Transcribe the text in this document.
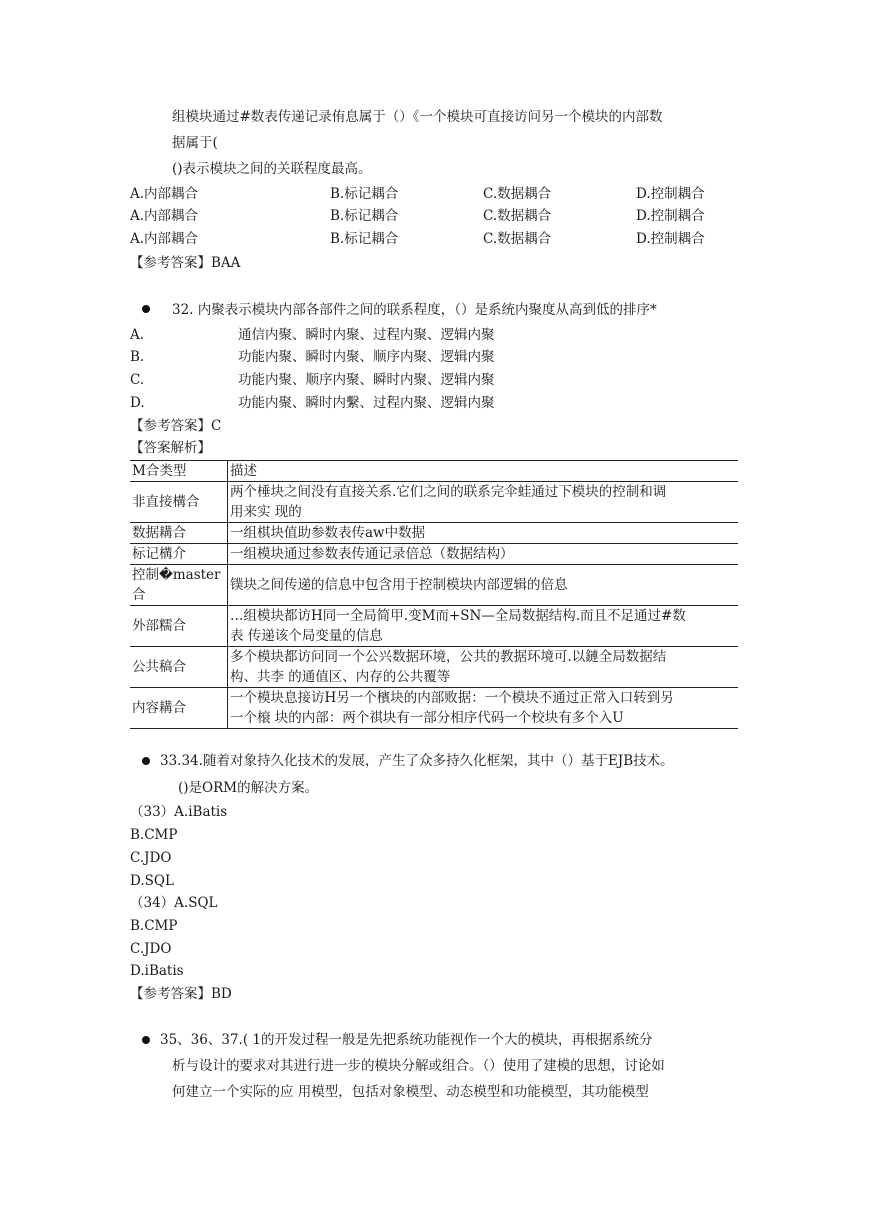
组模块通过#数表传递记录侑息属于（）《一个模块可直接访问另一个模块的内部数
据属于(
()表示模块之间的关联程度最高。
A.内部耦合	B.标记耦合	C.数据耦合	D.控制耦合
A.内部耦合	B.标记耦合	C.数据耦合	D.控制耦合
A.内部耦合	B.标记耦合	C.数据耦合	D.控制耦合
【参考答案】BAA
32. 内聚表示模块内部各部件之间的联系程度，（）是系统内聚度从高到低的排序*
A.	通信内聚、瞬时内聚、过程内聚、逻辑内聚
B.	功能内聚、瞬时内聚、顺序内聚、逻辑内聚
C.	功能内聚、顺序内聚、瞬时内聚、逻辑内聚
D.	功能内聚、瞬时内繫、过程内聚、逻辑内聚
【参考答案】C
【答案解析】
M合类型	描述
非直接構合	两个棰块之间没有直接关系.它们之间的联系完伞蛙通过下模块的控制和调
用来实 现的

数据耩合	一组棋块值助参数表传aw中数据
标记構介	一组模块通过参数表传通记录倍总（数据结构）
控制�master合	镤块之间传递的信息中包含用于控制模块内部逻辑的倍息
外部糯合	…组模块都访H同一全局简甲.变M而+SN—全局数据结构.而且不足通过#数
表 传递该个局变量的信息

公共稿合	多个模块都访问同一个公兴数据环境，公共的教据环境可.以鏈全局数据结
构、共李 的通值区、内存的公共覆等

内容耩合	一个模块息接访H另一个檳块的内部败据：一个模块不通过正常入口转到另
一个榱 块的内部：两个祺块有一部分相序代码一个校块有多个入U
33.34.随着对象持久化技术的发展，产生了众多持久化框架，其中（）基于EJB技术。
()是ORM的解决方案。
（33）A.iBatis
B.CMP
C.JDO
D.SQL
（34）A.SQL
B.CMP
C.JDO
D.iBatis
【参考答案】BD
35、36、37.( 1的开发过程一般是先把系统功能视作一个大的模块，再根据系统分
析与设计的要求对其进行进一步的模块分解或组合。（）使用了建模的思想，讨论如
何建立一个实际的应 用模型，包括对象模型、动态模型和功能模型，其功能模型
